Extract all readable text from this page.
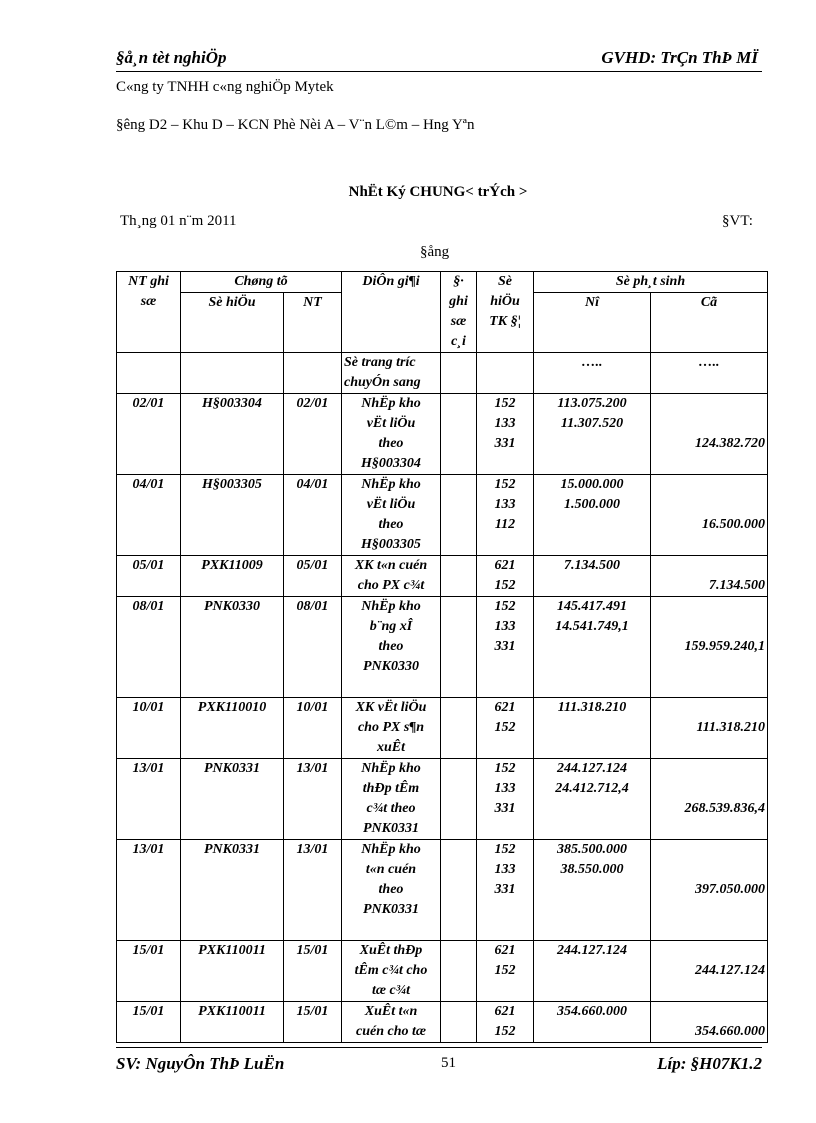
§å¸n tèt nghiÖp	GVHD: TrÇn ThÞ MÏ
C«ng ty TNHH c«ng nghiÖp Mytek
§êng D2 – Khu D – KCN Phè Nèi A – V¨n L©m – Hng Yªn
NhËt Ký CHUNG< trÝch >
Th¸ng 01 n¨m 2011	§VT:
§ång
NT ghi
sæ	Chøng tõ		DiÔn gi¶i	§·
ghi
sæ
c¸i	Sè
hiÖu
TK §¦	Sè ph¸t sinh	
	Sè hiÖu	NT				Nî	Cã

			Sè trang tríc
chuyÓn sang			…..	…..
02/01	H§003304	02/01	NhËp kho
vËt liÖu
theo
H§003304		152
133
331	113.075.200
11.307.520	124.382.720

04/01	H§003305	04/01	NhËp kho
vËt liÖu
theo
H§003305		152
133
112	15.000.000
1.500.000	16.500.000

05/01	PXK11009	05/01	XK t«n cuén
cho PX c¾t		621
152	7.134.500	7.134.500

08/01	PNK0330	08/01	NhËp kho
b¨ng xÎ
theo
PNK0330		152
133
331	145.417.491
14.541.749,1	159.959.240,1

10/01	PXK110010	10/01	XK vËt liÖu
cho PX s¶n
xuÊt		621
152	111.318.210	111.318.210

13/01	PNK0331	13/01	NhËp kho
thÐp tÊm
c¾t theo
PNK0331		152
133
331	244.127.124
24.412.712,4	268.539.836,4

13/01	PNK0331	13/01	NhËp kho
t«n cuén
theo
PNK0331		152
133
331	385.500.000
38.550.000	397.050.000

15/01	PXK110011	15/01	XuÊt thÐp
tÊm c¾t cho
tæ c¾t		621
152	244.127.124	244.127.124

15/01	PXK110011	15/01	XuÊt t«n
cuén cho tæ		621
152	354.660.000	354.660.000
SV: NguyÔn ThÞ LuËn	51	Líp: §H07K1.2
